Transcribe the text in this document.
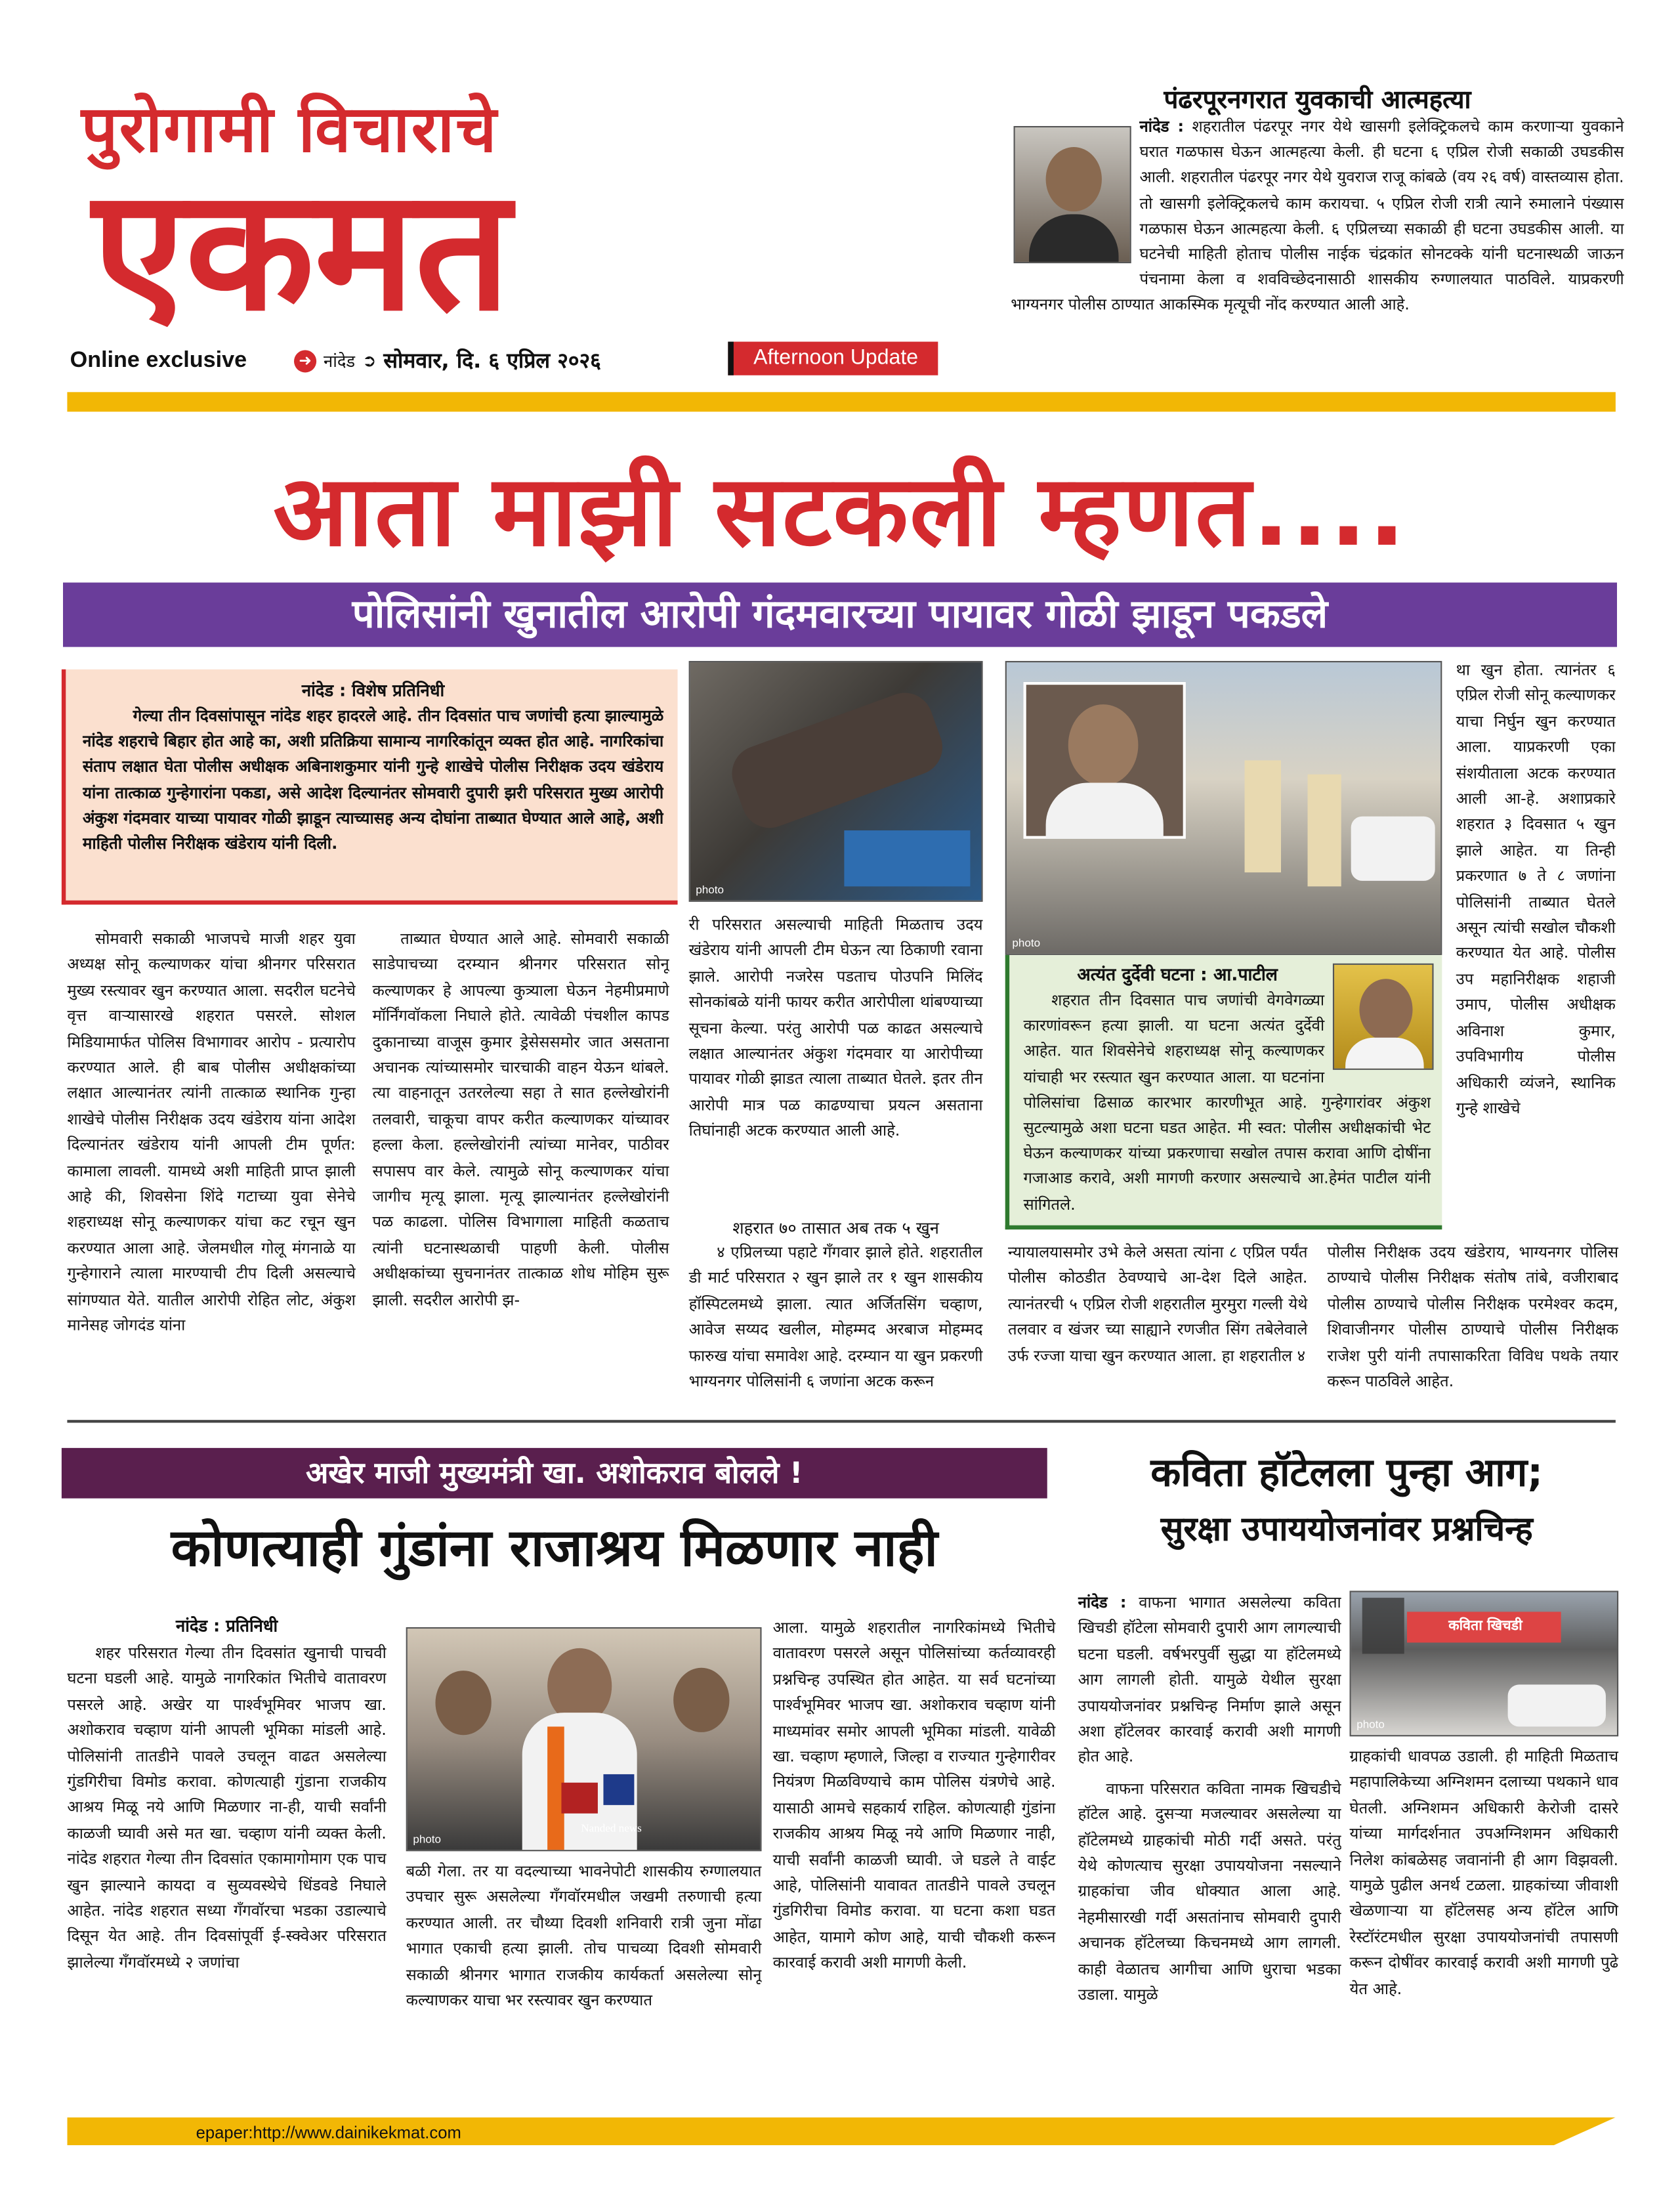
पुरोगामी विचाराचे
एकमत
Online exclusive	➜ नांदेड ➲ सोमवार, दि. ६ एप्रिल २०२६	Afternoon Update
पंढरपूरनगरात युवकाची आत्महत्या
नांदेड : शहरातील पंढरपूर नगर येथे खासगी इलेक्ट्रिकलचे काम करणाऱ्या युवकाने घरात गळफास घेऊन आत्महत्या केली. ही घटना ६ एप्रिल रोजी सकाळी उघडकीस आली. शहरातील पंढरपूर नगर येथे युवराज राजू कांबळे (वय २६ वर्ष) वास्तव्यास होता. तो खासगी इलेक्ट्रिकलचे काम करायचा. ५ एप्रिल रोजी रात्री त्याने रुमालाने पंख्यास गळफास घेऊन आत्महत्या केली. ६ एप्रिलच्या सकाळी ही घटना उघडकीस आली. या घटनेची माहिती होताच पोलीस नाईक चंद्रकांत सोनटक्के यांनी घटनास्थळी जाऊन पंचनामा केला व शवविच्छेदनासाठी शासकीय रुग्णालयात पाठविले. याप्रकरणी भाग्यनगर पोलीस ठाण्यात आकस्मिक मृत्यूची नोंद करण्यात आली आहे.
आता माझी सटकली म्हणत....
पोलिसांनी खुनातील आरोपी गंदमवारच्या पायावर गोळी झाडून पकडले
नांदेड : विशेष प्रतिनिधी
गेल्या तीन दिवसांपासून नांदेड शहर हादरले आहे. तीन दिवसांत पाच जणांची हत्या झाल्यामुळे नांदेड शहराचे बिहार होत आहे का, अशी प्रतिक्रिया सामान्य नागरिकांतून व्यक्त होत आहे. नागरिकांचा संताप लक्षात घेता पोलीस अधीक्षक अबिनाशकुमार यांनी गुन्हे शाखेचे पोलीस निरीक्षक उदय खंडेराय यांना तात्काळ गुन्हेगारांना पकडा, असे आदेश दिल्यानंतर सोमवारी दुपारी झरी परिसरात मुख्य आरोपी अंकुश गंदमवार याच्या पायावर गोळी झाडून त्याच्यासह अन्य दोघांना ताब्यात घेण्यात आले आहे, अशी माहिती पोलीस निरीक्षक खंडेराय यांनी दिली.

सोमवारी सकाळी भाजपचे माजी शहर युवा अध्यक्ष सोनू कल्याणकर यांचा श्रीनगर परिसरात मुख्य रस्त्यावर खुन करण्यात आला. सदरील घटनेचे वृत्त वाऱ्यासारखे शहरात पसरले. सोशल मिडियामार्फत पोलिस विभागावर आरोप - प्रत्यारोप करण्यात आले. ही बाब पोलीस अधीक्षकांच्या लक्षात आल्यानंतर त्यांनी तात्काळ स्थानिक गुन्हा शाखेचे पोलीस निरीक्षक उदय खंडेराय यांना आदेश दिल्यानंतर खंडेराय यांनी आपली टीम पूर्णत: कामाला लावली. यामध्ये अशी माहिती प्राप्त झाली आहे की, शिवसेना शिंदे गटाच्या युवा सेनेचे शहराध्यक्ष सोनू कल्याणकर यांचा कट रचून खुन करण्यात आला आहे. जेलमधील गोलू मंगनाळे या गुन्हेगाराने त्याला मारण्याची टीप दिली असल्याचे सांगण्यात येते. यातील आरोपी रोहित लोट, अंकुश मानेसह जोगदंड यांना

ताब्यात घेण्यात आले आहे. सोमवारी सकाळी साडेपाचच्या दरम्यान श्रीनगर परिसरात सोनू कल्याणकर हे आपल्या कुत्र्याला घेऊन नेहमीप्रमाणे मॉर्निंगवॉकला निघाले होते. त्यावेळी पंचशील कापड दुकानाच्या वाजूस कुमार ड्रेसेससमोर जात असताना अचानक त्यांच्यासमोर चारचाकी वाहन येऊन थांबले. त्या वाहनातून उतरलेल्या सहा ते सात हल्लेखोरांनी तलवारी, चाकूचा वापर करीत कल्याणकर यांच्यावर हल्ला केला. हल्लेखोरांनी त्यांच्या मानेवर, पाठीवर सपासप वार केले. त्यामुळे सोनू कल्याणकर यांचा जागीच मृत्यू झाला. मृत्यू झाल्यानंतर हल्लेखोरांनी पळ काढला. पोलिस विभागाला माहिती कळताच त्यांनी घटनास्थळाची पाहणी केली. पोलीस अधीक्षकांच्या सुचनानंतर तात्काळ शोध मोहिम सुरू झाली. सदरील आरोपी झ-

photo

री परिसरात असल्याची माहिती मिळताच उदय खंडेराय यांनी आपली टीम घेऊन त्या ठिकाणी रवाना झाले. आरोपी नजरेस पडताच पोउपनि मिलिंद सोनकांबळे यांनी फायर करीत आरोपीला थांबण्याच्या सूचना केल्या. परंतु आरोपी पळ काढत असल्याचे लक्षात आल्यानंतर अंकुश गंदमवार या आरोपीच्या पायावर गोळी झाडत त्याला ताब्यात घेतले. इतर तीन आरोपी मात्र पळ काढण्याचा प्रयत्न असताना तिघांनाही अटक करण्यात आली आहे.

शहरात ७० तासात अब तक ५ खुन

४ एप्रिलच्या पहाटे गँगवार झाले होते. शहरातील डी मार्ट परिसरात २ खुन झाले तर १ खुन शासकीय हॉस्पिटलमध्ये झाला. त्यात अर्जितसिंग चव्हाण, आवेज सय्यद खलील, मोहम्मद अरबाज मोहम्मद फारुख यांचा समावेश आहे. दरम्यान या खुन प्रकरणी भाग्यनगर पोलिसांनी ६ जणांना अटक करून

photo
अत्यंत दुर्देवी घटना : आ.पाटील
शहरात तीन दिवसात पाच जणांची वेगवेगळ्या कारणांवरून हत्या झाली. या घटना अत्यंत दुर्देवी आहेत. यात शिवसेनेचे शहराध्यक्ष सोनू कल्याणकर यांचाही भर रस्त्यात खुन करण्यात आला. या घटनांना पोलिसांचा ढिसाळ कारभार कारणीभूत आहे. गुन्हेगारांवर अंकुश सुटल्यामुळे अशा घटना घडत आहेत. मी स्वत: पोलीस अधीक्षकांची भेट घेऊन कल्याणकर यांच्या प्रकरणाचा सखोल तपास करावा आणि दोषींना गजाआड करावे, अशी मागणी करणार असल्याचे आ.हेमंत पाटील यांनी सांगितले.

न्यायालयासमोर उभे केले असता त्यांना ८ एप्रिल पर्यंत पोलीस कोठडीत ठेवण्याचे आ-देश दिले आहेत. त्यानंतरची ५ एप्रिल रोजी शहरातील मुरमुरा गल्ली येथे तलवार व खंजर च्या साह्याने रणजीत सिंग तबेलेवाले उर्फ रज्जा याचा खुन करण्यात आला. हा शहरातील ४

था खुन होता. त्यानंतर ६ एप्रिल रोजी सोनू कल्याणकर याचा निर्घुन खुन करण्यात आला. याप्रकरणी एका संशयीताला अटक करण्यात आली आ-हे. अशाप्रकारे शहरात ३ दिवसात ५ खुन झाले आहेत. या तिन्ही प्रकरणात ७ ते ८ जणांना पोलिसांनी ताब्यात घेतले असून त्यांची सखोल चौकशी करण्यात येत आहे. पोलीस उप महानिरीक्षक शहाजी उमाप, पोलीस अधीक्षक अविनाश कुमार, उपविभागीय पोलीस अधिकारी व्यंजने, स्थानिक गुन्हे शाखेचे

पोलीस निरीक्षक उदय खंडेराय, भाग्यनगर पोलिस ठाण्याचे पोलीस निरीक्षक संतोष तांबे, वजीराबाद पोलीस ठाण्याचे पोलीस निरीक्षक परमेश्वर कदम, शिवाजीनगर पोलीस ठाण्याचे पोलीस निरीक्षक राजेश पुरी यांनी तपासाकरिता विविध पथके तयार करून पाठविले आहेत.

अखेर माजी मुख्यमंत्री खा. अशोकराव बोलले !
कोणत्याही गुंडांना राजाश्रय मिळणार नाही
नांदेड : प्रतिनिधी

शहर परिसरात गेल्या तीन दिवसांत खुनाची पाचवी घटना घडली आहे. यामुळे नागरिकांत भितीचे वातावरण पसरले आहे. अखेर या पार्श्वभूमिवर भाजप खा. अशोकराव चव्हाण यांनी आपली भूमिका मांडली आहे. पोलिसांनी तातडीने पावले उचलून वाढत असलेल्या गुंडगिरीचा विमोड करावा. कोणत्याही गुंडाना राजकीय आश्रय मिळू नये आणि मिळणार ना-ही, याची सर्वांनी काळजी घ्यावी असे मत खा. चव्हाण यांनी व्यक्त केली. नांदेड शहरात गेल्या तीन दिवसांत एकामागोमाग एक पाच खुन झाल्याने कायदा व सुव्यवस्थेचे धिंडवडे निघाले आहेत. नांदेड शहरात सध्या गँगवॉरचा भडका उडाल्याचे दिसून येत आहे. तीन दिवसांपूर्वी ई-स्क्वेअर परिसरात झालेल्या गँगवॉरमध्ये २ जणांचा

Nanded news
photo

बळी गेला. तर या वदल्याच्या भावनेपोटी शासकीय रुग्णालयात उपचार सुरू असलेल्या गँगवॉरमधील जखमी तरुणाची हत्या करण्यात आली. तर चौथ्या दिवशी शनिवारी रात्री जुना मोंढा भागात एकाची हत्या झाली. तोच पाचव्या दिवशी सोमवारी सकाळी श्रीनगर भागात राजकीय कार्यकर्ता असलेल्या सोनू कल्याणकर याचा भर रस्त्यावर खुन करण्यात

आला. यामुळे शहरातील नागरिकांमध्ये भितीचे वातावरण पसरले असून पोलिसांच्या कर्तव्यावरही प्रश्नचिन्ह उपस्थित होत आहेत. या सर्व घटनांच्या पार्श्वभूमिवर भाजप खा. अशोकराव चव्हाण यांनी माध्यमांवर समोर आपली भूमिका मांडली. यावेळी खा. चव्हाण म्हणाले, जिल्हा व राज्यात गुन्हेगारीवर नियंत्रण मिळविण्याचे काम पोलिस यंत्रणेचे आहे. यासाठी आमचे सहकार्य राहिल. कोणत्याही गुंडांना राजकीय आश्रय मिळू नये आणि मिळणार नाही, याची सर्वांनी काळजी घ्यावी. जे घडले ते वाईट आहे, पोलिसांनी यावावत तातडीने पावले उचलून गुंडगिरीचा विमोड करावा. या घटना कशा घडत आहेत, यामागे कोण आहे, याची चौकशी करून कारवाई करावी अशी मागणी केली.

कविता हॉटेलला पुन्हा आग;
सुरक्षा उपाययोजनांवर प्रश्नचिन्ह

नांदेड : वाफना भागात असलेल्या कविता खिचडी हॉटेला सोमवारी दुपारी आग लागल्याची घटना घडली. वर्षभरपुर्वी सुद्धा या हॉटेलमध्ये आग लागली होती. यामुळे येथील सुरक्षा उपाययोजनांवर प्रश्नचिन्ह निर्माण झाले असून अशा हॉटेलवर कारवाई करावी अशी मागणी होत आहे.

वाफना परिसरात कविता नामक खिचडीचे हॉटेल आहे. दुसऱ्या मजल्यावर असलेल्या या हॉटेलमध्ये ग्राहकांची मोठी गर्दी असते. परंतु येथे कोणत्याच सुरक्षा उपाययोजना नसल्याने ग्राहकांचा जीव धोक्यात आला आहे. नेहमीसारखी गर्दी असतांनाच सोमवारी दुपारी अचानक हॉटेलच्या किचनमध्ये आग लागली. काही वेळातच आगीचा आणि धुराचा भडका उडाला. यामुळे

कविता खिचडी
photo

ग्राहकांची धावपळ उडाली. ही माहिती मिळताच महापालिकेच्या अग्निशमन दलाच्या पथकाने धाव घेतली. अग्निशमन अधिकारी केरोजी दासरे यांच्या मार्गदर्शनात उपअग्निशमन अधिकारी निलेश कांबळेसह जवानांनी ही आग विझवली. यामुळे पुढील अनर्थ टळला. ग्राहकांच्या जीवाशी खेळणाऱ्या या हॉटेलसह अन्य हॉटेल आणि रेस्टॉरंटमधील सुरक्षा उपाययोजनांची तपासणी करून दोषींवर कारवाई करावी अशी मागणी पुढे येत आहे.

epaper:http://www.dainikekmat.com
